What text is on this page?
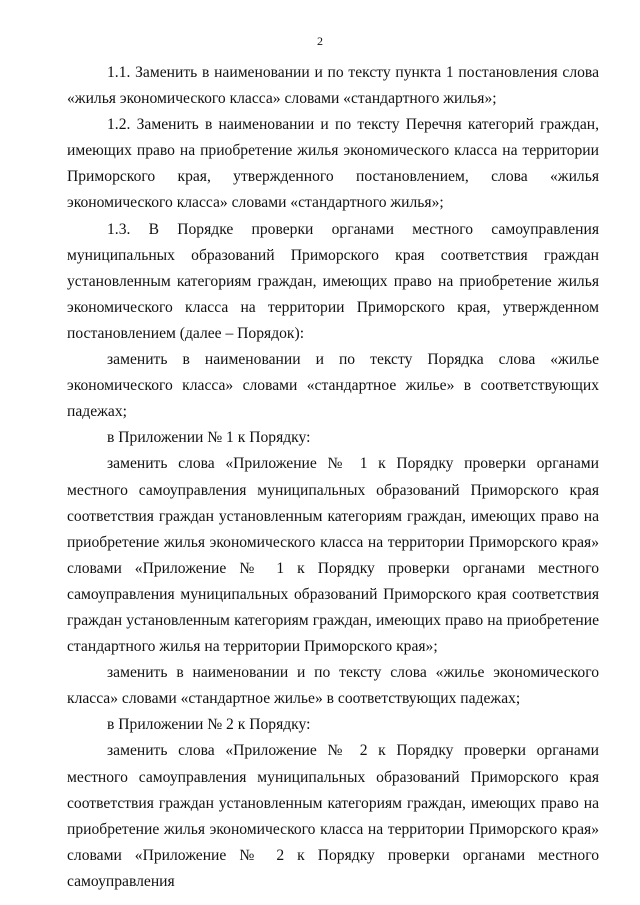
2

1.1. Заменить в наименовании и по тексту пункта 1 постановления слова «жилья экономического класса» словами «стандартного жилья»;

1.2. Заменить в наименовании и по тексту Перечня категорий граждан, имеющих право на приобретение жилья экономического класса на территории Приморского края, утвержденного постановлением, слова «жилья экономического класса» словами «стандартного жилья»;

1.3. В Порядке проверки органами местного самоуправления муниципальных образований Приморского края соответствия граждан установленным категориям граждан, имеющих право на приобретение жилья экономического класса на территории Приморского края, утвержденном постановлением (далее – Порядок):

заменить в наименовании и по тексту Порядка слова «жилье экономического класса» словами «стандартное жилье» в соответствующих падежах;

в Приложении № 1 к Порядку:

заменить слова «Приложение № 1 к Порядку проверки органами местного самоуправления муниципальных образований Приморского края соответствия граждан установленным категориям граждан, имеющих право на приобретение жилья экономического класса на территории Приморского края» словами «Приложение № 1 к Порядку проверки органами местного самоуправления муниципальных образований Приморского края соответствия граждан установленным категориям граждан, имеющих право на приобретение стандартного жилья на территории Приморского края»;

заменить в наименовании и по тексту слова «жилье экономического класса» словами «стандартное жилье» в соответствующих падежах;

в Приложении № 2 к Порядку:

заменить слова «Приложение № 2 к Порядку проверки органами местного самоуправления муниципальных образований Приморского края соответствия граждан установленным категориям граждан, имеющих право на приобретение жилья экономического класса на территории Приморского края» словами «Приложение № 2 к Порядку проверки органами местного самоуправления
